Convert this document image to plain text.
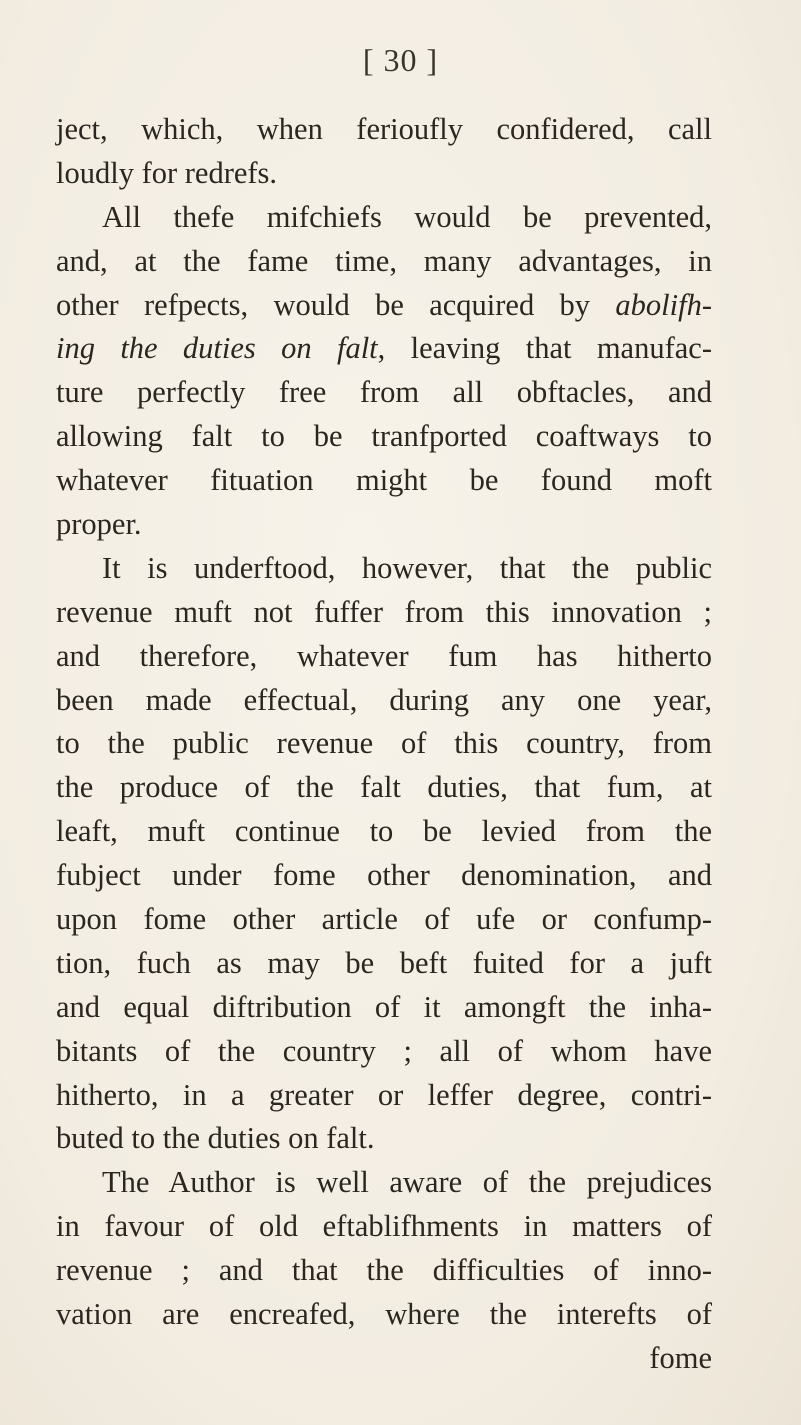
[ 30 ]
ject, which, when ferioufly confidered, call
loudly for redrefs.
All thefe mifchiefs would be prevented,
and, at the fame time, many advantages, in
other refpects, would be acquired by abolifh-
ing the duties on falt, leaving that manufac-
ture perfectly free from all obftacles, and
allowing falt to be tranfported coaftways to
whatever fituation might be found moft
proper.
It is underftood, however, that the public
revenue muft not fuffer from this innovation ;
and therefore, whatever fum has hitherto
been made effectual, during any one year,
to the public revenue of this country, from
the produce of the falt duties, that fum, at
leaft, muft continue to be levied from the
fubject under fome other denomination, and
upon fome other article of ufe or confump-
tion, fuch as may be beft fuited for a juft
and equal diftribution of it amongft the inha-
bitants of the country ; all of whom have
hitherto, in a greater or leffer degree, contri-
buted to the duties on falt.
The Author is well aware of the prejudices
in favour of old eftablifhments in matters of
revenue ; and that the difficulties of inno-
vation are encreafed, where the interefts of
fome
